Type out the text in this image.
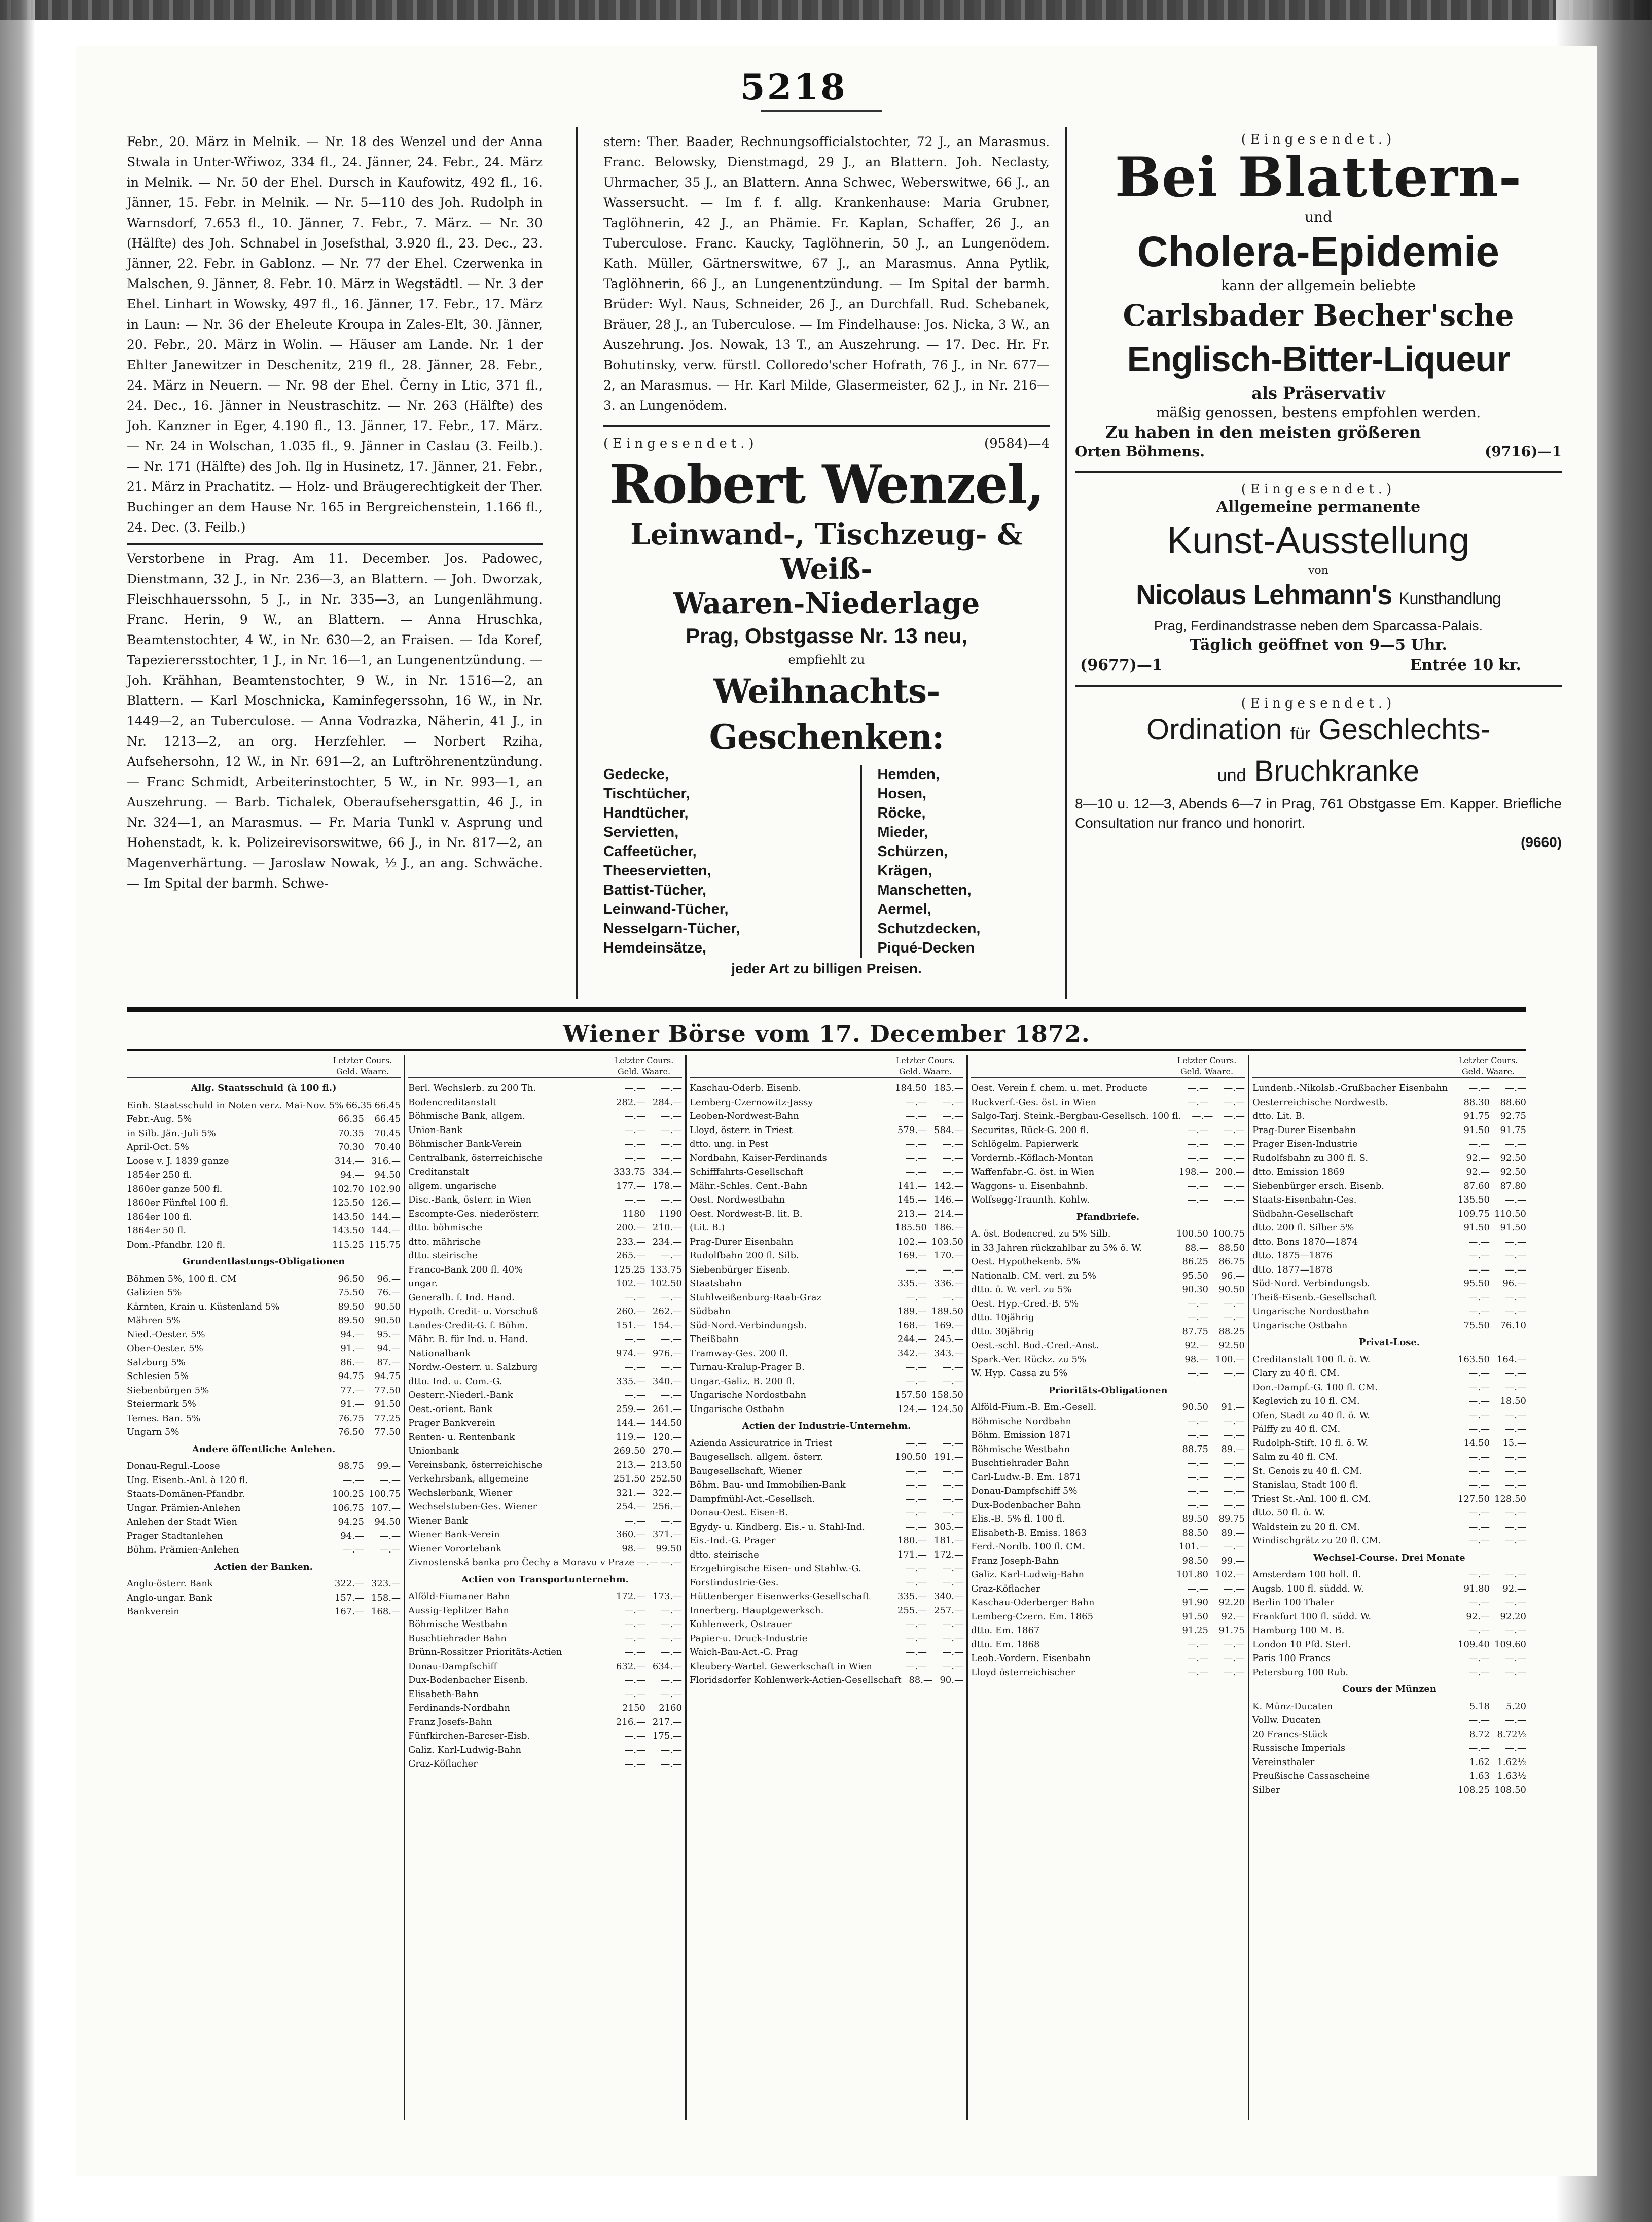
5218

Febr., 20. März in Melnik. — Nr. 18 des Wenzel und der Anna Stwala in Unter-Wřiwoz, 334 fl., 24. Jänner, 24. Febr., 24. März in Melnik. — Nr. 50 der Ehel. Dursch in Kaufowitz, 492 fl., 16. Jänner, 15. Febr. in Melnik. — Nr. 5—110 des Joh. Rudolph in Warnsdorf, 7.653 fl., 10. Jänner, 7. Febr., 7. März. — Nr. 30 (Hälfte) des Joh. Schnabel in Josefsthal, 3.920 fl., 23. Dec., 23. Jänner, 22. Febr. in Gablonz. — Nr. 77 der Ehel. Czerwenka in Malschen, 9. Jänner, 8. Febr. 10. März in Wegstädtl. — Nr. 3 der Ehel. Linhart in Wowsky, 497 fl., 16. Jänner, 17. Febr., 17. März in Laun: — Nr. 36 der Eheleute Kroupa in Zales-Elt, 30. Jänner, 20. Febr., 20. März in Wolin. — Häuser am Lande. Nr. 1 der Ehlter Janewitzer in Deschenitz, 219 fl., 28. Jänner, 28. Febr., 24. März in Neuern. — Nr. 98 der Ehel. Černy in Ltic, 371 fl., 24. Dec., 16. Jänner in Neustraschitz. — Nr. 263 (Hälfte) des Joh. Kanzner in Eger, 4.190 fl., 13. Jänner, 17. Febr., 17. März. — Nr. 24 in Wolschan, 1.035 fl., 9. Jänner in Caslau (3. Feilb.). — Nr. 171 (Hälfte) des Joh. Ilg in Husinetz, 17. Jänner, 21. Febr., 21. März in Prachatitz. — Holz- und Bräugerechtigkeit der Ther. Buchinger an dem Hause Nr. 165 in Bergreichenstein, 1.166 fl., 24. Dec. (3. Feilb.)

Verstorbene in Prag. Am 11. December. Jos. Padowec, Dienstmann, 32 J., in Nr. 236—3, an Blattern. — Joh. Dworzak, Fleischhauerssohn, 5 J., in Nr. 335—3, an Lungenlähmung. Franc. Herin, 9 W., an Blattern. — Anna Hruschka, Beamtenstochter, 4 W., in Nr. 630—2, an Fraisen. — Ida Koref, Tapezierersstochter, 1 J., in Nr. 16—1, an Lungenentzündung. — Joh. Krähhan, Beamtenstochter, 9 W., in Nr. 1516—2, an Blattern. — Karl Moschnicka, Kaminfegerssohn, 16 W., in Nr. 1449—2, an Tuberculose. — Anna Vodrazka, Näherin, 41 J., in Nr. 1213—2, an org. Herzfehler. — Norbert Rziha, Aufsehersohn, 12 W., in Nr. 691—2, an Luftröhrenentzündung. — Franc Schmidt, Arbeiterinstochter, 5 W., in Nr. 993—1, an Auszehrung. — Barb. Tichalek, Oberaufsehersgattin, 46 J., in Nr. 324—1, an Marasmus. — Fr. Maria Tunkl v. Asprung und Hohenstadt, k. k. Polizeirevisorswitwe, 66 J., in Nr. 817—2, an Magenverhärtung. — Jaroslaw Nowak, ½ J., an ang. Schwäche. — Im Spital der barmh. Schwe-

stern: Ther. Baader, Rechnungsofficialstochter, 72 J., an Marasmus. Franc. Belowsky, Dienstmagd, 29 J., an Blattern. Joh. Neclasty, Uhrmacher, 35 J., an Blattern. Anna Schwec, Weberswitwe, 66 J., an Wassersucht. — Im f. f. allg. Krankenhause: Maria Grubner, Taglöhnerin, 42 J., an Phämie. Fr. Kaplan, Schaffer, 26 J., an Tuberculose. Franc. Kaucky, Taglöhnerin, 50 J., an Lungenödem. Kath. Müller, Gärtnerswitwe, 67 J., an Marasmus. Anna Pytlik, Taglöhnerin, 66 J., an Lungenentzündung. — Im Spital der barmh. Brüder: Wyl. Naus, Schneider, 26 J., an Durchfall. Rud. Schebanek, Bräuer, 28 J., an Tuberculose. — Im Findelhause: Jos. Nicka, 3 W., an Auszehrung. Jos. Nowak, 13 T., an Auszehrung. — 17. Dec. Hr. Fr. Bohutinsky, verw. fürstl. Colloredo'scher Hofrath, 76 J., in Nr. 677—2, an Marasmus. — Hr. Karl Milde, Glasermeister, 62 J., in Nr. 216—3. an Lungenödem.
(Eingesendet.)	(9584)—4
Robert Wenzel,
Leinwand-, Tischzeug- & Weiß-
Waaren-Niederlage
Prag, Obstgasse Nr. 13 neu,
empfiehlt zu
Weihnachts-Geschenken:
Gedecke,
Tischtücher,
Handtücher,
Servietten,
Caffeetücher,
Theeservietten,
Battist-Tücher,
Leinwand-Tücher,
Nesselgarn-Tücher,
Hemdeinsätze,
Hemden,
Hosen,
Röcke,
Mieder,
Schürzen,
Krägen,
Manschetten,
Aermel,
Schutzdecken,
Piqué-Decken
jeder Art zu billigen Preisen.
(Eingesendet.)
Bei Blattern-
und
Cholera-Epidemie
kann der allgemein beliebte
Carlsbader Becher'sche
Englisch-Bitter-Liqueur
als Präservativ
mäßig genossen, bestens empfohlen werden.
Zu haben in den meisten größeren
Orten Böhmens.	(9716)—1
(Eingesendet.)
Allgemeine permanente
Kunst-Ausstellung
von
Nicolaus Lehmann's Kunsthandlung
Prag, Ferdinandstrasse neben dem Sparcassa-Palais.
Täglich geöffnet von 9—5 Uhr.
(9677)—1	Entrée 10 kr.
(Eingesendet.)
Ordination für Geschlechts-
und Bruchkranke
8—10 u. 12—3, Abends 6—7 in Prag, 761 Obstgasse Em. Kapper. Briefliche Consultation nur franco und honorirt.
(9660)
Wiener Börse vom 17. December 1872.
Letzter Cours.
Geld. Waare.
Allg. Staatsschuld (à 100 fl.)
Einh. Staatsschuld in Noten verz. Mai-Nov. 5% 66.35 66.45
Febr.-Aug. 5%	66.35	66.45
in Silb. Jän.-Juli 5%	70.35	70.45
April-Oct. 5%	70.30	70.40
Loose v. J. 1839 ganze	314.— 316.—
1854er 250 fl.	94.—	94.50
1860er ganze 500 fl.	102.70 102.90
1860er Fünftel 100 fl.	125.50 126.—
1864er 100 fl.	143.50 144.—
1864er 50 fl.	143.50 144.—
Dom.-Pfandbr. 120 fl.	115.25 115.75
Grundentlastungs-Obligationen
Böhmen 5%, 100 fl. CM	96.50	96.—
Galizien 5%	75.50	76.—
Kärnten, Krain u. Küstenland 5%	89.50	90.50
Mähren 5%	89.50	90.50
Nied.-Oester. 5%	94.—	95.—
Ober-Oester. 5%	91.—	94.—
Salzburg 5%	86.—	87.—
Schlesien 5%	94.75	94.75
Siebenbürgen 5%	77.—	77.50
Steiermark 5%	91.—	91.50
Temes. Ban. 5%	76.75	77.25
Ungarn 5%	76.50	77.50
Andere öffentliche Anlehen.
Donau-Regul.-Loose	98.75	99.—
Ung. Eisenb.-Anl. à 120 fl.	—.—	—.—
Staats-Domänen-Pfandbr.	100.25 100.75
Ungar. Prämien-Anlehen	106.75 107.—
Anlehen der Stadt Wien	94.25	94.50
Prager Stadtanlehen	94.—	—.—
Böhm. Prämien-Anlehen	—.—	—.—
Actien der Banken.
Anglo-österr. Bank	322.— 323.—
Anglo-ungar. Bank	157.— 158.—
Bankverein	167.— 168.—
Letzter Cours.
Geld. Waare.
Berl. Wechslerb. zu 200 Th.	—.—	—.—
Bodencreditanstalt	282.— 284.—
Böhmische Bank, allgem.	—.—	—.—
Union-Bank	—.—	—.—
Böhmischer Bank-Verein	—.—	—.—
Centralbank, österreichische	—.—	—.—
Creditanstalt	333.75 334.—
allgem. ungarische	177.— 178.—
Disc.-Bank, österr. in Wien	—.—	—.—
Escompte-Ges. niederösterr.	1180	1190
dtto. böhmische	200.— 210.—
dtto. mährische	233.— 234.—
dtto. steirische	265.—	—.—
Franco-Bank 200 fl. 40%	125.25 133.75
ungar.	102.— 102.50
Generalb. f. Ind. Hand.	—.—	—.—
Hypoth. Credit- u. Vorschuß	260.— 262.—
Landes-Credit-G. f. Böhm.	151.— 154.—
Mähr. B. für Ind. u. Hand.	—.—	—.—
Nationalbank	974.— 976.—
Nordw.-Oesterr. u. Salzburg	—.—	—.—
dtto. Ind. u. Com.-G.	335.— 340.—
Oesterr.-Niederl.-Bank	—.—	—.—
Oest.-orient. Bank	259.— 261.—
Prager Bankverein	144.— 144.50
Renten- u. Rentenbank	119.— 120.—
Unionbank	269.50 270.—
Vereinsbank, österreichische	213.— 213.50
Verkehrsbank, allgemeine	251.50 252.50
Wechslerbank, Wiener	321.— 322.—
Wechselstuben-Ges. Wiener	254.— 256.—
Wiener Bank	—.—	—.—
Wiener Bank-Verein	360.— 371.—
Wiener Vorortebank	98.—	99.50
Zivnostenská banka pro Čechy a Moravu v Praze —.— —.—
Actien von Transportunternehm.
Alföld-Fiumaner Bahn	172.— 173.—
Aussig-Teplitzer Bahn	—.—	—.—
Böhmische Westbahn	—.—	—.—
Buschtiehrader Bahn	—.—	—.—
Brünn-Rossitzer Prioritäts-Actien	—.—	—.—
Donau-Dampfschiff	632.— 634.—
Dux-Bodenbacher Eisenb.	—.—	—.—
Elisabeth-Bahn	—.—	—.—
Ferdinands-Nordbahn	2150	2160
Franz Josefs-Bahn	216.— 217.—
Fünfkirchen-Barcser-Eisb.	—.— 175.—
Galiz. Karl-Ludwig-Bahn	—.—	—.—
Graz-Köflacher	—.—	—.—
Letzter Cours.
Geld. Waare.
Kaschau-Oderb. Eisenb.	184.50 185.—
Lemberg-Czernowitz-Jassy	—.—	—.—
Leoben-Nordwest-Bahn	—.—	—.—
Lloyd, österr. in Triest	579.— 584.—
dtto. ung. in Pest	—.—	—.—
Nordbahn, Kaiser-Ferdinands	—.—	—.—
Schifffahrts-Gesellschaft	—.—	—.—
Mähr.-Schles. Cent.-Bahn	141.— 142.—
Oest. Nordwestbahn	145.— 146.—
Oest. Nordwest-B. lit. B.	213.— 214.—
(Lit. B.)	185.50 186.—
Prag-Durer Eisenbahn	102.— 103.50
Rudolfbahn 200 fl. Silb.	169.— 170.—
Siebenbürger Eisenb.	—.—	—.—
Staatsbahn	335.— 336.—
Stuhlweißenburg-Raab-Graz	—.—	—.—
Südbahn	189.— 189.50
Süd-Nord.-Verbindungsb.	168.— 169.—
Theißbahn	244.— 245.—
Tramway-Ges. 200 fl.	342.— 343.—
Turnau-Kralup-Prager B.	—.—	—.—
Ungar.-Galiz. B. 200 fl.	—.—	—.—
Ungarische Nordostbahn	157.50 158.50
Ungarische Ostbahn	124.— 124.50
Actien der Industrie-Unternehm.
Azienda Assicuratrice in Triest	—.—	—.—
Baugesellsch. allgem. österr.	190.50 191.—
Baugesellschaft, Wiener	—.—	—.—
Böhm. Bau- und Immobilien-Bank	—.—	—.—
Dampfmühl-Act.-Gesellsch.	—.—	—.—
Donau-Oest. Eisen-B.	—.—	—.—
Egydy- u. Kindberg. Eis.- u. Stahl-Ind.	—.— 305.—
Eis.-Ind.-G. Prager	180.— 181.—
dtto. steirische	171.— 172.—
Erzgebirgische Eisen- und Stahlw.-G.	—.—	—.—
Forstindustrie-Ges.	—.—	—.—
Hüttenberger Eisenwerks-Gesellschaft	335.— 340.—
Innerberg. Hauptgewerksch.	255.— 257.—
Kohlenwerk, Ostrauer	—.—	—.—
Papier-u. Druck-Industrie	—.—	—.—
Waich-Bau-Act.-G. Prag	—.—	—.—
Kleubery-Wartel. Gewerkschaft in Wien	—.—	—.—
Floridsdorfer Kohlenwerk-Actien-Gesellschaft 88.— 90.—
Letzter Cours.
Geld. Waare.
Oest. Verein f. chem. u. met. Producte	—.—	—.—
Ruckverf.-Ges. öst. in Wien	—.—	—.—
Salgo-Tarj. Steink.-Bergbau-Gesellsch. 100 fl.	—.—	—.—
Securitas, Rück-G. 200 fl.	—.—	—.—
Schlögelm. Papierwerk	—.—	—.—
Vordernb.-Köflach-Montan	—.—	—.—
Waffenfabr.-G. öst. in Wien	198.— 200.—
Waggons- u. Eisenbahnb.	—.—	—.—
Wolfsegg-Traunth. Kohlw.	—.—	—.—
Pfandbriefe.
A. öst. Bodencred. zu 5% Silb.	100.50 100.75
in 33 Jahren rückzahlbar zu 5% ö. W.	88.—	88.50
Oest. Hypothekenb. 5%	86.25	86.75
Nationalb. CM. verl. zu 5%	95.50	96.—
dtto. ö. W. verl. zu 5%	90.30	90.50
Oest. Hyp.-Cred.-B. 5%	—.—	—.—
dtto. 10jährig	—.—	—.—
dtto. 30jährig	87.75	88.25
Oest.-schl. Bod.-Cred.-Anst.	92.—	92.50
Spark.-Ver. Rückz. zu 5%	98.— 100.—
W. Hyp. Cassa zu 5%	—.—	—.—
Prioritäts-Obligationen
Alföld-Fium.-B. Em.-Gesell.	90.50	91.—
Böhmische Nordbahn	—.—	—.—
Böhm. Emission 1871	—.—	—.—
Böhmische Westbahn	88.75	89.—
Buschtiehrader Bahn	—.—	—.—
Carl-Ludw.-B. Em. 1871	—.—	—.—
Donau-Dampfschiff 5%	—.—	—.—
Dux-Bodenbacher Bahn	—.—	—.—
Elis.-B. 5% fl. 100 fl.	89.50	89.75
Elisabeth-B. Emiss. 1863	88.50	89.—
Ferd.-Nordb. 100 fl. CM.	101.—	—.—
Franz Joseph-Bahn	98.50	99.—
Galiz. Karl-Ludwig-Bahn	101.80 102.—
Graz-Köflacher	—.—	—.—
Kaschau-Oderberger Bahn	91.90	92.20
Lemberg-Czern. Em. 1865	91.50	92.—
dtto. Em. 1867	91.25	91.75
dtto. Em. 1868	—.—	—.—
Leob.-Vordern. Eisenbahn	—.—	—.—
Lloyd österreichischer	—.—	—.—
Letzter Cours.
Geld. Waare.
Lundenb.-Nikolsb.-Grußbacher Eisenbahn	—.—	—.—
Oesterreichische Nordwestb.	88.30	88.60
dtto. Lit. B.	91.75	92.75
Prag-Durer Eisenbahn	91.50	91.75
Prager Eisen-Industrie	—.—	—.—
Rudolfsbahn zu 300 fl. S.	92.—	92.50
dtto. Emission 1869	92.—	92.50
Siebenbürger ersch. Eisenb.	87.60	87.80
Staats-Eisenbahn-Ges.	135.50	—.—
Südbahn-Gesellschaft	109.75 110.50
dtto. 200 fl. Silber 5%	91.50	91.50
dtto. Bons 1870—1874	—.—	—.—
dtto. 1875—1876	—.—	—.—
dtto. 1877—1878	—.—	—.—
Süd-Nord. Verbindungsb.	95.50	96.—
Theiß-Eisenb.-Gesellschaft	—.—	—.—
Ungarische Nordostbahn	—.—	—.—
Ungarische Ostbahn	75.50	76.10
Privat-Lose.
Creditanstalt 100 fl. ö. W.	163.50 164.—
Clary zu 40 fl. CM.	—.—	—.—
Don.-Dampf.-G. 100 fl. CM.	—.—	—.—
Keglevich zu 10 fl. CM.	—.—	18.50
Ofen, Stadt zu 40 fl. ö. W.	—.—	—.—
Pálffy zu 40 fl. CM.	—.—	—.—
Rudolph-Stift. 10 fl. ö. W.	14.50	15.—
Salm zu 40 fl. CM.	—.—	—.—
St. Genois zu 40 fl. CM.	—.—	—.—
Stanislau, Stadt 100 fl.	—.—	—.—
Triest St.-Anl. 100 fl. CM.	127.50 128.50
dtto. 50 fl. ö. W.	—.—	—.—
Waldstein zu 20 fl. CM.	—.—	—.—
Windischgrätz zu 20 fl. CM.	—.—	—.—
Wechsel-Course. Drei Monate
Amsterdam 100 holl. fl.	—.—	—.—
Augsb. 100 fl. süddd. W.	91.80	92.—
Berlin 100 Thaler	—.—	—.—
Frankfurt 100 fl. südd. W.	92.—	92.20
Hamburg 100 M. B.	—.—	—.—
London 10 Pfd. Sterl.	109.40 109.60
Paris 100 Francs	—.—	—.—
Petersburg 100 Rub.	—.—	—.—
Cours der Münzen
K. Münz-Ducaten	5.18	5.20
Vollw. Ducaten	—.—	—.—
20 Francs-Stück	8.72 8.72½
Russische Imperials	—.—	—.—
Vereinsthaler	1.62 1.62½
Preußische Cassascheine	1.63 1.63½
Silber	108.25 108.50
